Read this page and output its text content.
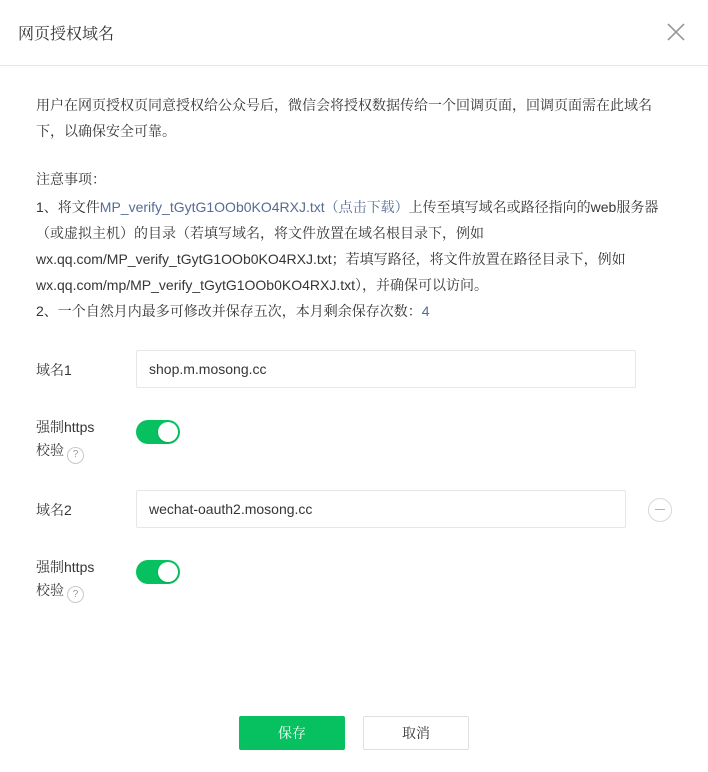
网页授权域名
用户在网页授权页同意授权给公众号后，微信会将授权数据传给一个回调页面，回调页面需在此域名下，以确保安全可靠。
注意事项：
1、将文件MP_verify_tGytG1OOb0KO4RXJ.txt（点击下载）上传至填写域名或路径指向的web服务器（或虚拟主机）的目录（若填写域名，将文件放置在域名根目录下，例如wx.qq.com/MP_verify_tGytG1OOb0KO4RXJ.txt；若填写路径，将文件放置在路径目录下，例如wx.qq.com/mp/MP_verify_tGytG1OOb0KO4RXJ.txt），并确保可以访问。
2、一个自然月内最多可修改并保存五次，本月剩余保存次数：4
域名1
shop.m.mosong.cc
强制https
校验 ?
域名2
wechat-oauth2.mosong.cc
强制https
校验 ?
保存	取消
